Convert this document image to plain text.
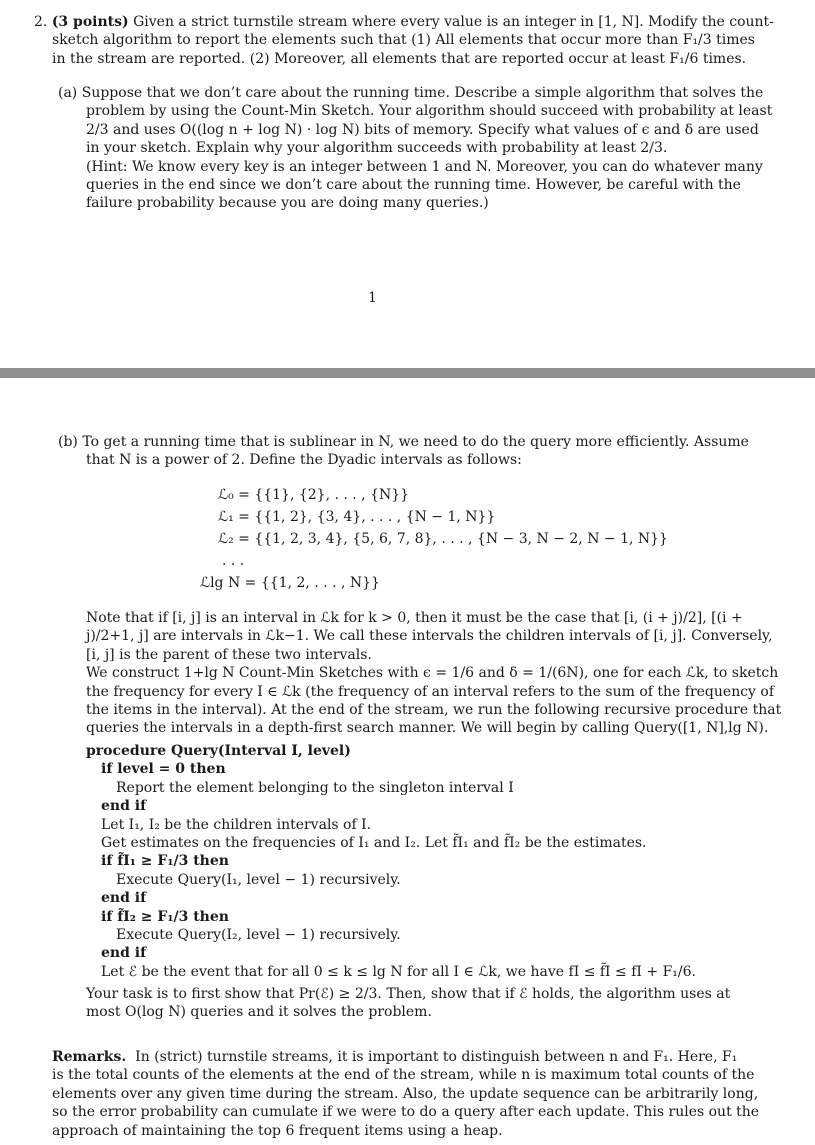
2. (3 points) Given a strict turnstile stream where every value is an integer in [1, N]. Modify the count-
sketch algorithm to report the elements such that (1) All elements that occur more than F₁/3 times
in the stream are reported. (2) Moreover, all elements that are reported occur at least F₁/6 times.
(a) Suppose that we don’t care about the running time. Describe a simple algorithm that solves the
problem by using the Count-Min Sketch. Your algorithm should succeed with probability at least
2/3 and uses O((log n + log N) · log N) bits of memory. Specify what values of ϵ and δ are used
in your sketch. Explain why your algorithm succeeds with probability at least 2/3.
(Hint: We know every key is an integer between 1 and N. Moreover, you can do whatever many
queries in the end since we don’t care about the running time. However, be careful with the
failure probability because you are doing many queries.)
1
(b) To get a running time that is sublinear in N, we need to do the query more efficiently. Assume
that N is a power of 2. Define the Dyadic intervals as follows:
ℒ₀ = {{1}, {2}, . . . , {N}}
ℒ₁ = {{1, 2}, {3, 4}, . . . , {N − 1, N}}
ℒ₂ = {{1, 2, 3, 4}, {5, 6, 7, 8}, . . . , {N − 3, N − 2, N − 1, N}}
. . .
ℒlg N = {{1, 2, . . . , N}}
Note that if [i, j] is an interval in ℒk for k > 0, then it must be the case that [i, (i + j)/2], [(i +
j)/2+1, j] are intervals in ℒk−1. We call these intervals the children intervals of [i, j]. Conversely,
[i, j] is the parent of these two intervals.
We construct 1+lg N Count-Min Sketches with ϵ = 1/6 and δ = 1/(6N), one for each ℒk, to sketch
the frequency for every I ∈ ℒk (the frequency of an interval refers to the sum of the frequency of
the items in the interval). At the end of the stream, we run the following recursive procedure that
queries the intervals in a depth-first search manner. We will begin by calling Query([1, N],lg N).
procedure Query(Interval I, level)
if level = 0 then
Report the element belonging to the singleton interval I
end if
Let I₁, I₂ be the children intervals of I.
Get estimates on the frequencies of I₁ and I₂. Let f̃I₁ and f̃I₂ be the estimates.
if f̃I₁ ≥ F₁/3 then
Execute Query(I₁, level − 1) recursively.
end if
if f̃I₂ ≥ F₁/3 then
Execute Query(I₂, level − 1) recursively.
end if
Let ℰ be the event that for all 0 ≤ k ≤ lg N for all I ∈ ℒk, we have fI ≤ f̃I ≤ fI + F₁/6.
Your task is to first show that Pr(ℰ) ≥ 2/3. Then, show that if ℰ holds, the algorithm uses at
most O(log N) queries and it solves the problem.
Remarks. In (strict) turnstile streams, it is important to distinguish between n and F₁. Here, F₁
is the total counts of the elements at the end of the stream, while n is maximum total counts of the
elements over any given time during the stream. Also, the update sequence can be arbitrarily long,
so the error probability can cumulate if we were to do a query after each update. This rules out the
approach of maintaining the top 6 frequent items using a heap.
